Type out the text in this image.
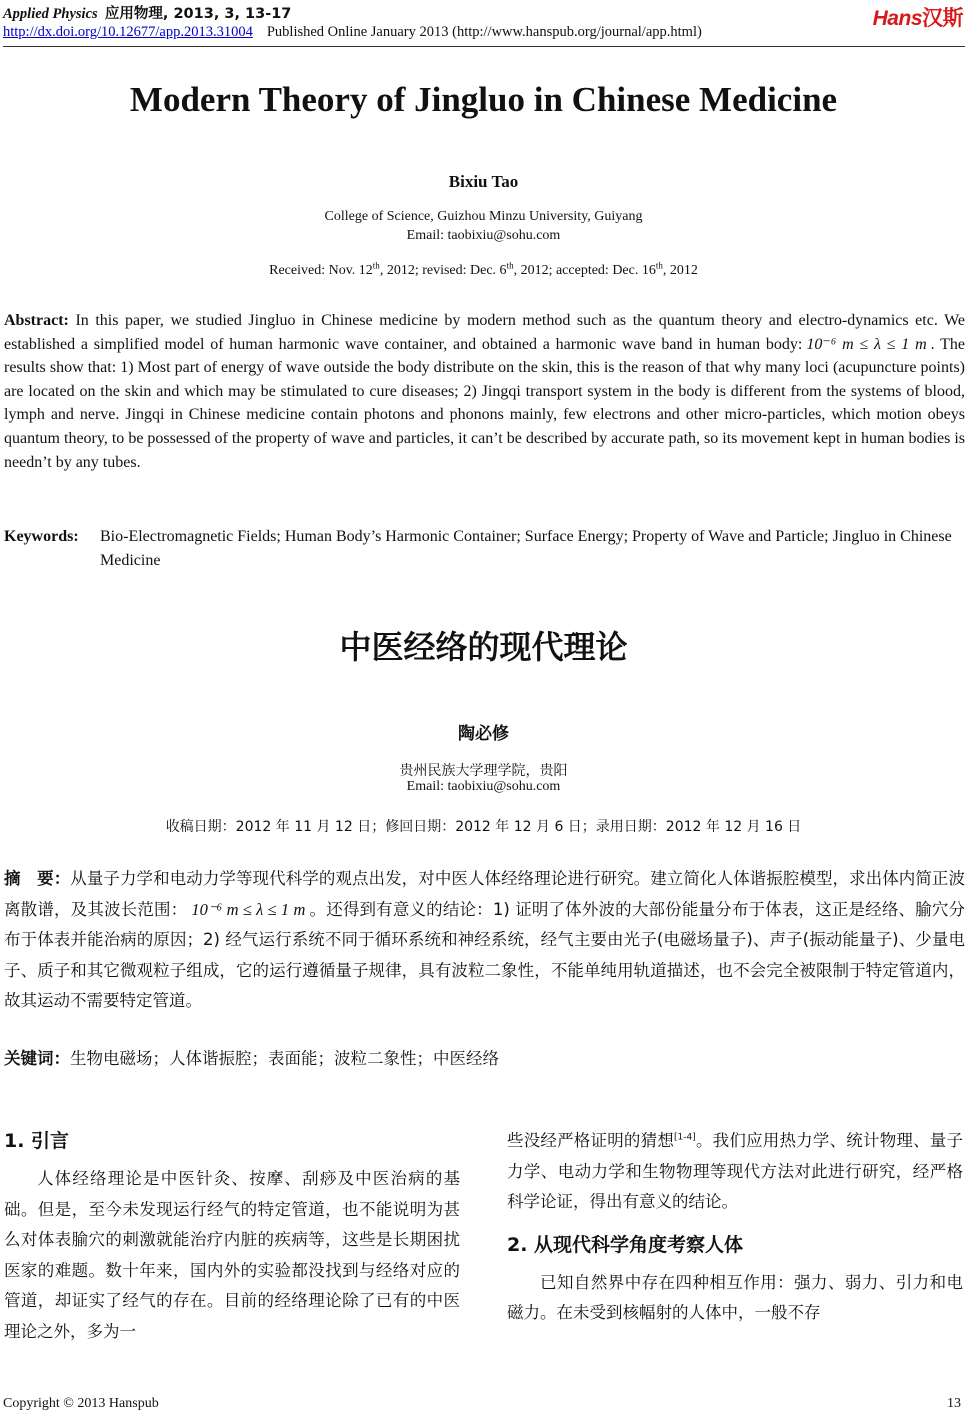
Applied Physics 应用物理, 2013, 3, 13-17
http://dx.doi.org/10.12677/app.2013.31004 Published Online January 2013 (http://www.hanspub.org/journal/app.html)
Hans汉斯
Modern Theory of Jingluo in Chinese Medicine
Bixiu Tao
College of Science, Guizhou Minzu University, Guiyang
Email: taobixiu@sohu.com
Received: Nov. 12th, 2012; revised: Dec. 6th, 2012; accepted: Dec. 16th, 2012
Abstract: In this paper, we studied Jingluo in Chinese medicine by modern method such as the quantum theory and electro-dynamics etc. We established a simplified model of human harmonic wave container, and obtained a harmonic wave band in human body: 10⁻⁶ m ≤ λ ≤ 1 m . The results show that: 1) Most part of energy of wave outside the body distribute on the skin, this is the reason of that why many loci (acupuncture points) are located on the skin and which may be stimulated to cure diseases; 2) Jingqi transport system in the body is different from the systems of blood, lymph and nerve. Jingqi in Chinese medicine contain photons and phonons mainly, few electrons and other micro-particles, which motion obeys quantum theory, to be possessed of the property of wave and particles, it can’t be described by accurate path, so its movement kept in human bodies is needn’t by any tubes.
Keywords: Bio-Electromagnetic Fields; Human Body’s Harmonic Container; Surface Energy; Property of Wave and Particle; Jingluo in Chinese Medicine
中医经络的现代理论
陶必修
贵州民族大学理学院，贵阳
Email: taobixiu@sohu.com
收稿日期：2012 年 11 月 12 日；修回日期：2012 年 12 月 6 日；录用日期：2012 年 12 月 16 日
摘　要：从量子力学和电动力学等现代科学的观点出发，对中医人体经络理论进行研究。建立简化人体谐振腔模型，求出体内简正波离散谱，及其波长范围： 10⁻⁶ m ≤ λ ≤ 1 m 。还得到有意义的结论：1) 证明了体外波的大部份能量分布于体表，这正是经络、腧穴分布于体表并能治病的原因；2) 经气运行系统不同于循环系统和神经系统，经气主要由光子(电磁场量子)、声子(振动能量子)、少量电子、质子和其它微观粒子组成，它的运行遵循量子规律，具有波粒二象性，不能单纯用轨道描述，也不会完全被限制于特定管道内，故其运动不需要特定管道。
关键词：生物电磁场；人体谐振腔；表面能；波粒二象性；中医经络
1. 引言

人体经络理论是中医针灸、按摩、刮痧及中医治病的基础。但是，至今未发现运行经气的特定管道，也不能说明为甚么对体表腧穴的刺激就能治疗内脏的疾病等，这些是长期困扰医家的难题。数十年来，国内外的实验都没找到与经络对应的管道，却证实了经气的存在。目前的经络理论除了已有的中医理论之外，多为一

些没经严格证明的猜想[1-4]。我们应用热力学、统计物理、量子力学、电动力学和生物物理等现代方法对此进行研究，经严格科学论证，得出有意义的结论。

2. 从现代科学角度考察人体

已知自然界中存在四种相互作用：强力、弱力、引力和电磁力。在未受到核幅射的人体中，一般不存

Copyright © 2013 Hanspub	13
